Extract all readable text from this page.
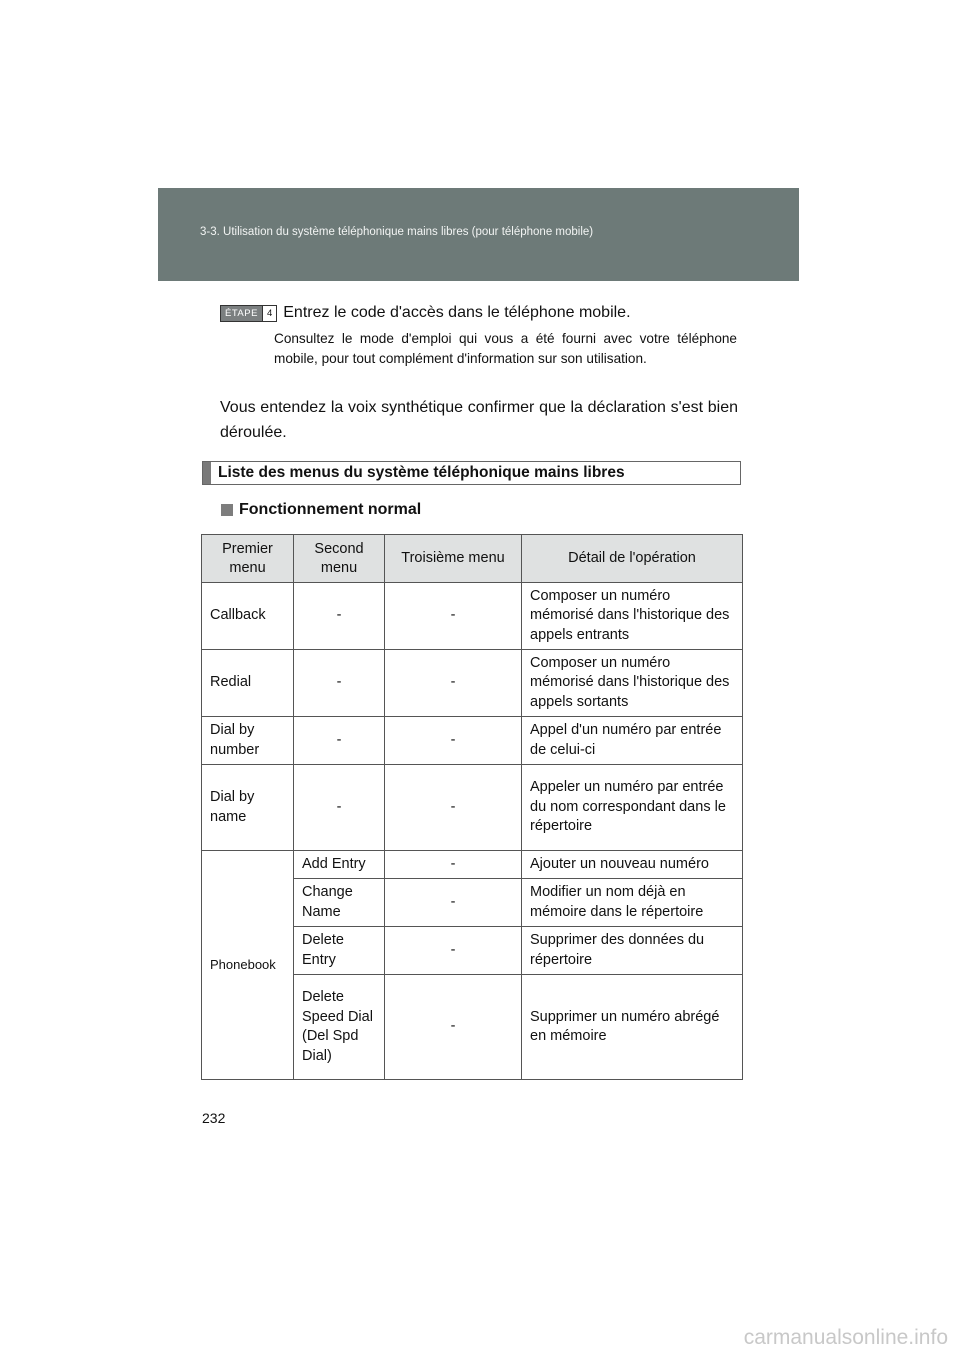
3-3. Utilisation du système téléphonique mains libres (pour téléphone mobile)
ÉTAPE 4 Entrez le code d'accès dans le téléphone mobile.
Consultez le mode d'emploi qui vous a été fourni avec votre téléphone mobile, pour tout complément d'information sur son utilisation.
Vous entendez la voix synthétique confirmer que la déclaration s'est bien déroulée.
Liste des menus du système téléphonique mains libres
Fonctionnement normal
Premier menu	Second menu	Troisième menu	Détail de l'opération
Callback	-	-	Composer un numéro mémorisé dans l'historique des appels entrants
Redial	-	-	Composer un numéro mémorisé dans l'historique des appels sortants
Dial by number	-	-	Appel d'un numéro par entrée de celui-ci
Dial by name	-	-	Appeler un numéro par entrée du nom correspondant dans le répertoire
Phonebook	Add Entry	-	Ajouter un nouveau numéro
	Change Name	-	Modifier un nom déjà en mémoire dans le répertoire
	Delete Entry	-	Supprimer des données du répertoire
	Delete Speed Dial (Del Spd Dial)	-	Supprimer un numéro abrégé en mémoire
232
carmanualsonline.info
